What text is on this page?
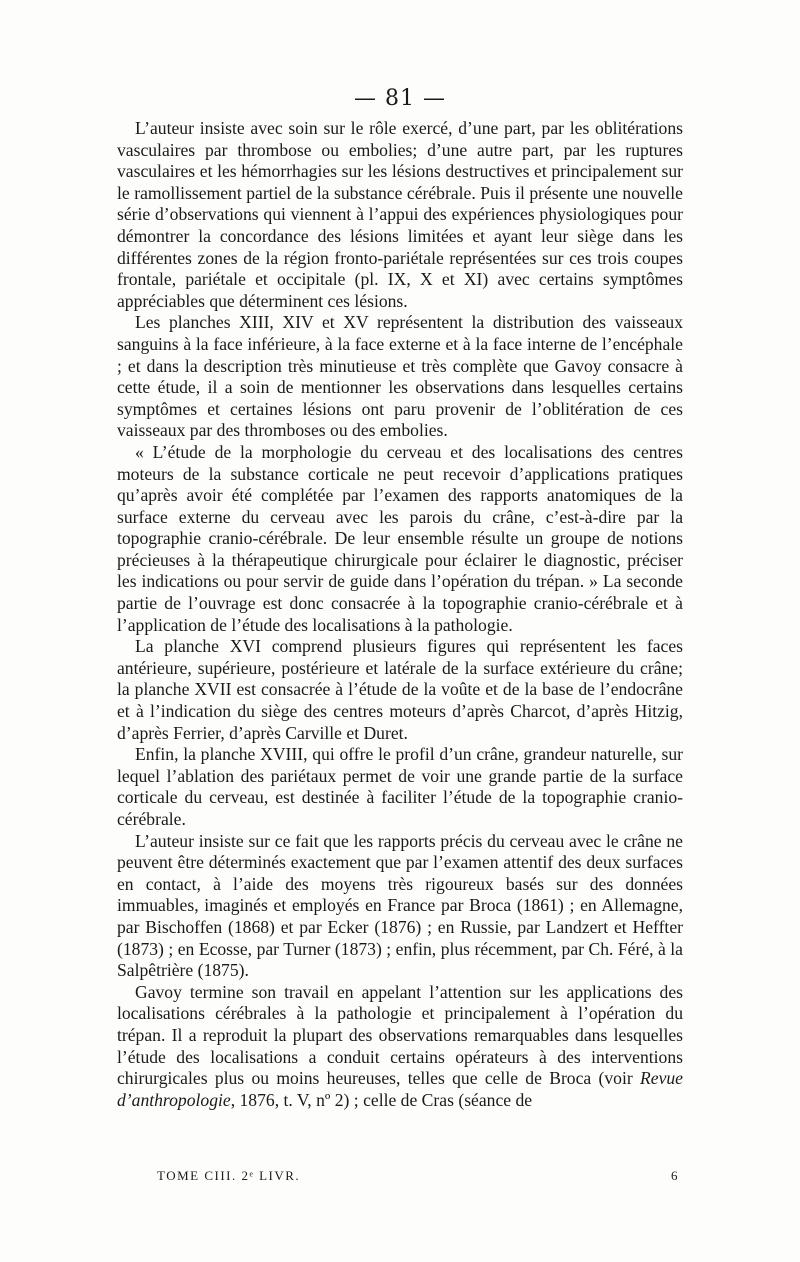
— 81 —

L’auteur insiste avec soin sur le rôle exercé, d’une part, par les oblitérations vasculaires par thrombose ou embolies; d’une autre part, par les ruptures vasculaires et les hémorrhagies sur les lésions destructives et principalement sur le ramollissement partiel de la substance cérébrale. Puis il présente une nouvelle série d’observations qui viennent à l’appui des expériences physiologiques pour démontrer la concordance des lésions limitées et ayant leur siège dans les différentes zones de la région fronto-pariétale représentées sur ces trois coupes frontale, pariétale et occipitale (pl. IX, X et XI) avec certains symptômes appréciables que déterminent ces lésions.

Les planches XIII, XIV et XV représentent la distribution des vaisseaux sanguins à la face inférieure, à la face externe et à la face interne de l’encéphale ; et dans la description très minutieuse et très complète que Gavoy consacre à cette étude, il a soin de mentionner les observations dans lesquelles certains symptômes et certaines lésions ont paru provenir de l’oblitération de ces vaisseaux par des thromboses ou des embolies.

« L’étude de la morphologie du cerveau et des localisations des centres moteurs de la substance corticale ne peut recevoir d’applications pratiques qu’après avoir été complétée par l’examen des rapports anatomiques de la surface externe du cerveau avec les parois du crâne, c’est-à-dire par la topographie cranio-cérébrale. De leur ensemble résulte un groupe de notions précieuses à la thérapeutique chirurgicale pour éclairer le diagnostic, préciser les indications ou pour servir de guide dans l’opération du trépan. » La seconde partie de l’ouvrage est donc consacrée à la topographie cranio-cérébrale et à l’application de l’étude des localisations à la pathologie.

La planche XVI comprend plusieurs figures qui représentent les faces antérieure, supérieure, postérieure et latérale de la surface extérieure du crâne; la planche XVII est consacrée à l’étude de la voûte et de la base de l’endocrâne et à l’indication du siège des centres moteurs d’après Charcot, d’après Hitzig, d’après Ferrier, d’après Carville et Duret.

Enfin, la planche XVIII, qui offre le profil d’un crâne, grandeur naturelle, sur lequel l’ablation des pariétaux permet de voir une grande partie de la surface corticale du cerveau, est destinée à faciliter l’étude de la topographie cranio-cérébrale.

L’auteur insiste sur ce fait que les rapports précis du cerveau avec le crâne ne peuvent être déterminés exactement que par l’examen attentif des deux surfaces en contact, à l’aide des moyens très rigoureux basés sur des données immuables, imaginés et employés en France par Broca (1861) ; en Allemagne, par Bischoffen (1868) et par Ecker (1876) ; en Russie, par Landzert et Heffter (1873) ; en Ecosse, par Turner (1873) ; enfin, plus récemment, par Ch. Féré, à la Salpêtrière (1875).

Gavoy termine son travail en appelant l’attention sur les applications des localisations cérébrales à la pathologie et principalement à l’opération du trépan. Il a reproduit la plupart des observations remarquables dans lesquelles l’étude des localisations a conduit certains opérateurs à des interventions chirurgicales plus ou moins heureuses, telles que celle de Broca (voir Revue d’anthropologie, 1876, t. V, nº 2) ; celle de Cras (séance de

TOME CIII. 2ᵉ LIVR.	6
